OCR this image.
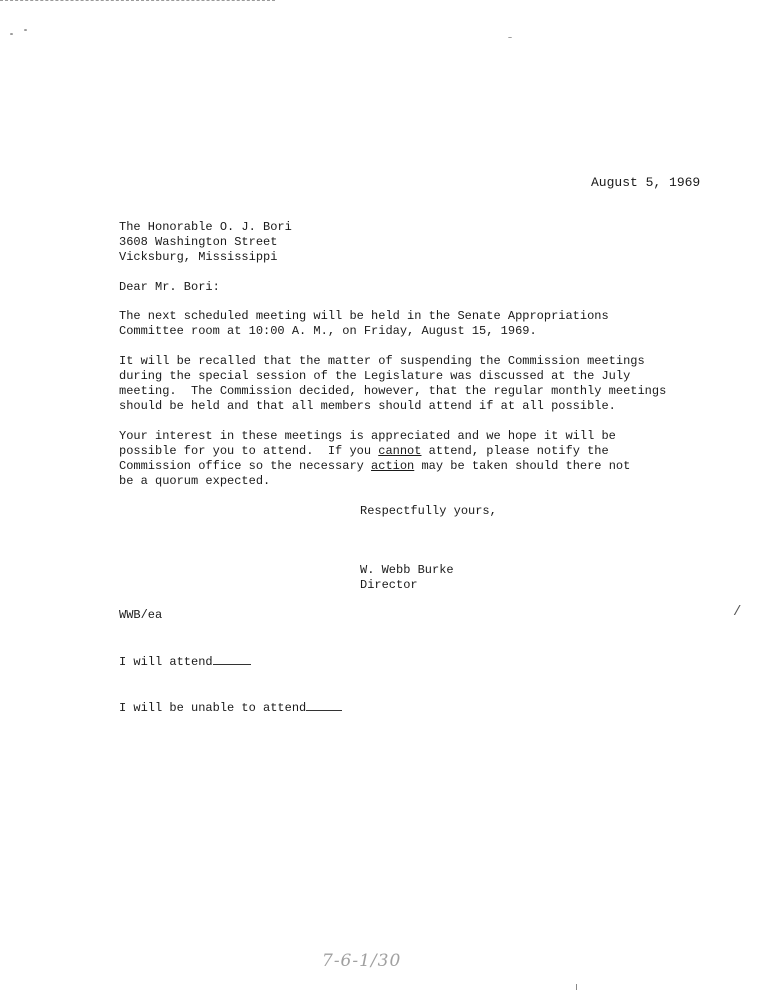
August 5, 1969
The Honorable O. J. Bori
3608 Washington Street
Vicksburg, Mississippi
Dear Mr. Bori:
The next scheduled meeting will be held in the Senate Appropriations
Committee room at 10:00 A. M., on Friday, August 15, 1969.
It will be recalled that the matter of suspending the Commission meetings
during the special session of the Legislature was discussed at the July
meeting.  The Commission decided, however, that the regular monthly meetings
should be held and that all members should attend if at all possible.
Your interest in these meetings is appreciated and we hope it will be
possible for you to attend.  If you cannot attend, please notify the
Commission office so the necessary action may be taken should there not
be a quorum expected.
Respectfully yours,
W. Webb Burke
Director
WWB/ea	/
I will attend
I will be unable to attend
7-6-1/30
